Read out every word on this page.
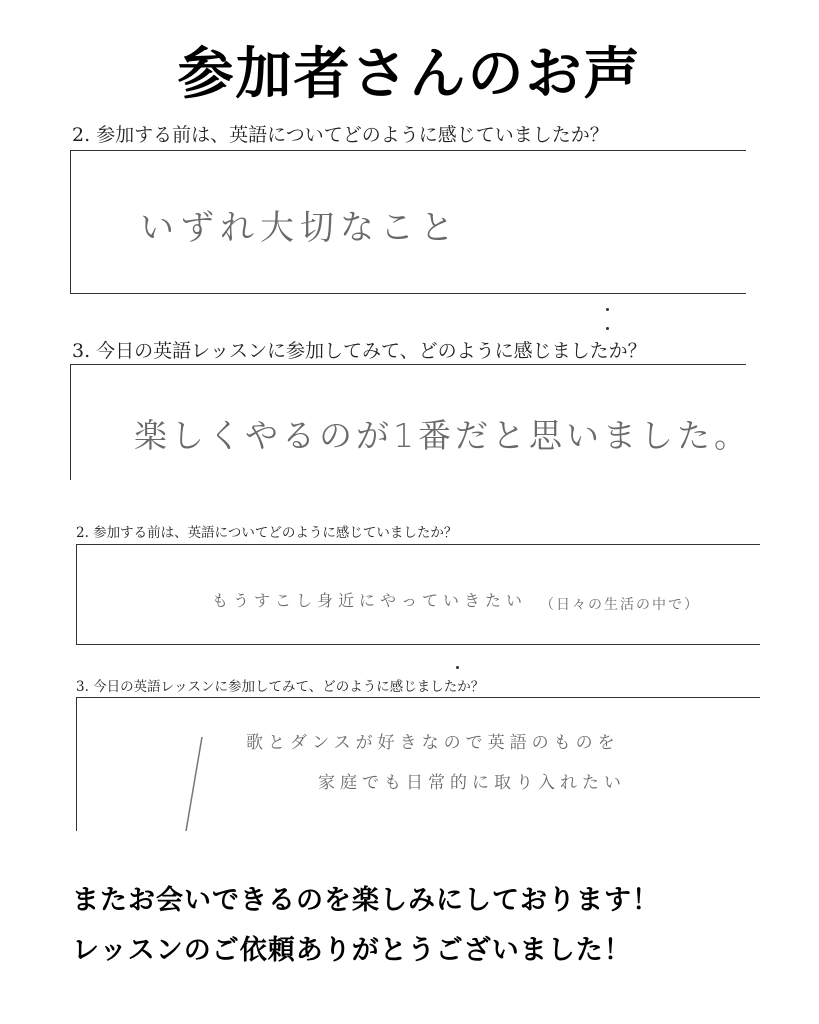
参加者さんのお声
2. 参加する前は、英語についてどのように感じていましたか？
いずれ大切なこと
3. 今日の英語レッスンに参加してみて、どのように感じましたか？
楽しくやるのが1番だと思いました。
2. 参加する前は、英語についてどのように感じていましたか？
もうすこし身近にやっていきたい （日々の生活の中で）
3. 今日の英語レッスンに参加してみて、どのように感じましたか？
歌とダンスが好きなので英語のものを
家庭でも日常的に取り入れたい
またお会いできるのを楽しみにしております！
レッスンのご依頼ありがとうございました！
